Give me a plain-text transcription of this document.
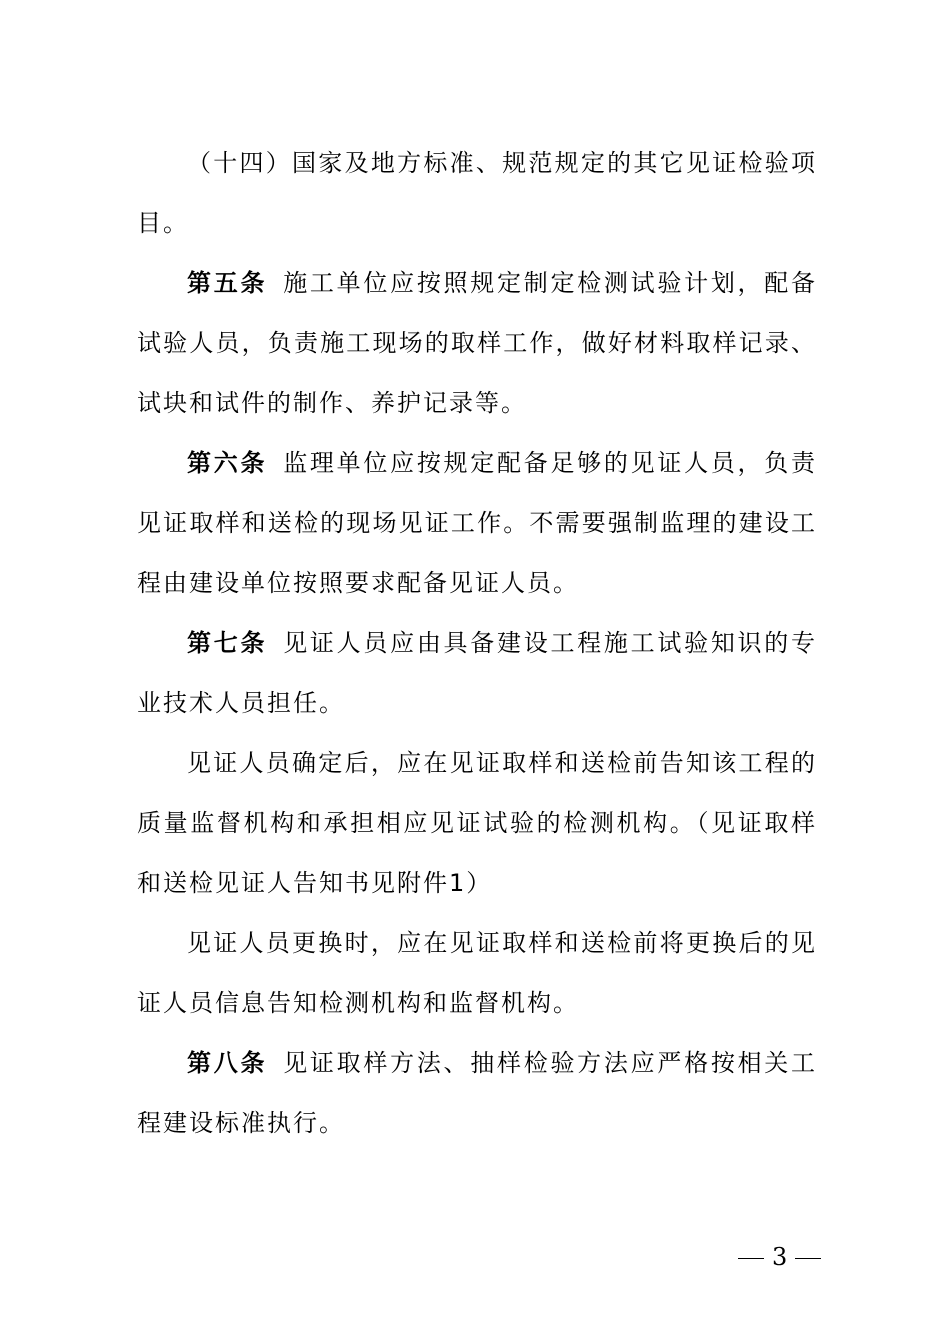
（十四）国家及地方标准、规范规定的其它见证检验项目。

第五条 施工单位应按照规定制定检测试验计划，配备试验人员，负责施工现场的取样工作，做好材料取样记录、试块和试件的制作、养护记录等。

第六条 监理单位应按规定配备足够的见证人员，负责见证取样和送检的现场见证工作。不需要强制监理的建设工程由建设单位按照要求配备见证人员。

第七条 见证人员应由具备建设工程施工试验知识的专业技术人员担任。

见证人员确定后，应在见证取样和送检前告知该工程的质量监督机构和承担相应见证试验的检测机构。（见证取样和送检见证人告知书见附件1）

见证人员更换时，应在见证取样和送检前将更换后的见证人员信息告知检测机构和监督机构。

第八条 见证取样方法、抽样检验方法应严格按相关工程建设标准执行。

3
